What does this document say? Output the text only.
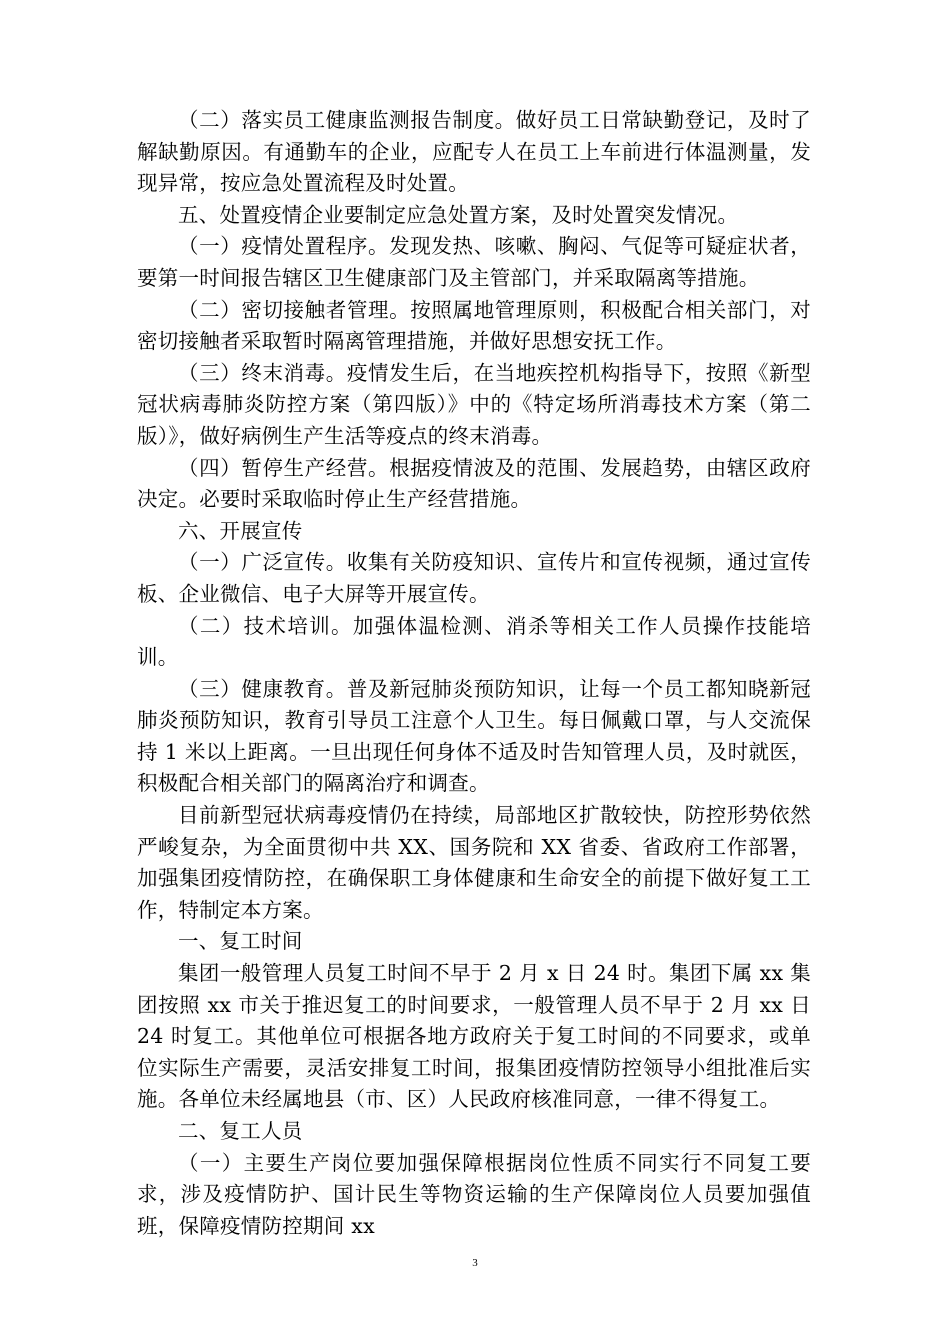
（二）落实员工健康监测报告制度。做好员工日常缺勤登记，及时了解缺勤原因。有通勤车的企业，应配专人在员工上车前进行体温测量，发现异常，按应急处置流程及时处置。

五、处置疫情企业要制定应急处置方案，及时处置突发情况。

（一）疫情处置程序。发现发热、咳嗽、胸闷、气促等可疑症状者，要第一时间报告辖区卫生健康部门及主管部门，并采取隔离等措施。

（二）密切接触者管理。按照属地管理原则，积极配合相关部门，对密切接触者采取暂时隔离管理措施，并做好思想安抚工作。

（三）终末消毒。疫情发生后，在当地疾控机构指导下，按照《新型冠状病毒肺炎防控方案（第四版）》中的《特定场所消毒技术方案（第二版）》，做好病例生产生活等疫点的终末消毒。

（四）暂停生产经营。根据疫情波及的范围、发展趋势，由辖区政府决定。必要时采取临时停止生产经营措施。

六、开展宣传

（一）广泛宣传。收集有关防疫知识、宣传片和宣传视频，通过宣传板、企业微信、电子大屏等开展宣传。

（二）技术培训。加强体温检测、消杀等相关工作人员操作技能培训。

（三）健康教育。普及新冠肺炎预防知识，让每一个员工都知晓新冠肺炎预防知识，教育引导员工注意个人卫生。每日佩戴口罩，与人交流保持 1 米以上距离。一旦出现任何身体不适及时告知管理人员，及时就医，积极配合相关部门的隔离治疗和调查。

目前新型冠状病毒疫情仍在持续，局部地区扩散较快，防控形势依然严峻复杂，为全面贯彻中共 XX、国务院和 XX 省委、省政府工作部署，加强集团疫情防控，在确保职工身体健康和生命安全的前提下做好复工工作，特制定本方案。

一、复工时间

集团一般管理人员复工时间不早于 2 月 x 日 24 时。集团下属 xx 集团按照 xx 市关于推迟复工的时间要求，一般管理人员不早于 2 月 xx 日 24 时复工。其他单位可根据各地方政府关于复工时间的不同要求，或单位实际生产需要，灵活安排复工时间，报集团疫情防控领导小组批准后实施。各单位未经属地县（市、区）人民政府核准同意，一律不得复工。

二、复工人员

（一）主要生产岗位要加强保障根据岗位性质不同实行不同复工要求，涉及疫情防护、国计民生等物资运输的生产保障岗位人员要加强值班，保障疫情防控期间 xx

3
